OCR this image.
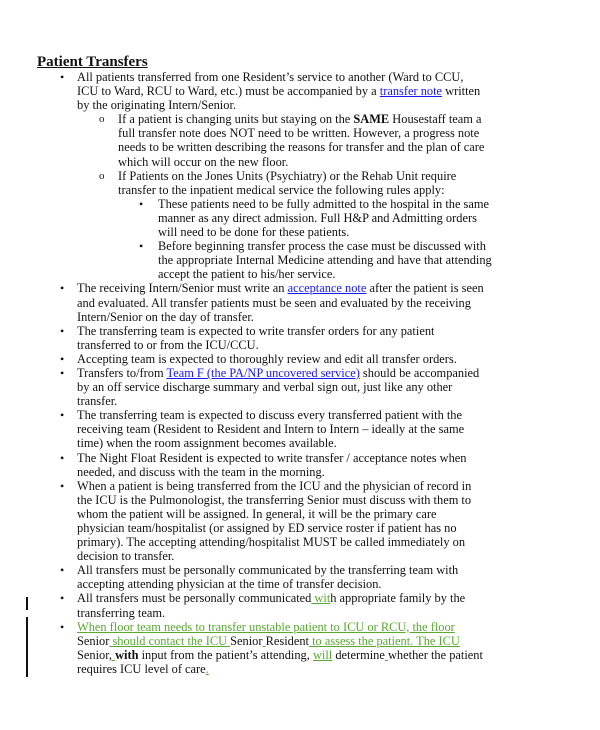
Patient Transfers
• All patients transferred from one Resident’s service to another (Ward to CCU,
ICU to Ward, RCU to Ward, etc.) must be accompanied by a transfer note written
by the originating Intern/Senior.
o If a patient is changing units but staying on the SAME Housestaff team a
full transfer note does NOT need to be written. However, a progress note
needs to be written describing the reasons for transfer and the plan of care
which will occur on the new floor.
o If Patients on the Jones Units (Psychiatry) or the Rehab Unit require
transfer to the inpatient medical service the following rules apply:
• These patients need to be fully admitted to the hospital in the same
manner as any direct admission. Full H&P and Admitting orders
will need to be done for these patients.
• Before beginning transfer process the case must be discussed with
the appropriate Internal Medicine attending and have that attending
accept the patient to his/her service.
• The receiving Intern/Senior must write an acceptance note after the patient is seen
and evaluated. All transfer patients must be seen and evaluated by the receiving
Intern/Senior on the day of transfer.
• The transferring team is expected to write transfer orders for any patient
transferred to or from the ICU/CCU.
• Accepting team is expected to thoroughly review and edit all transfer orders.
• Transfers to/from Team F (the PA/NP uncovered service) should be accompanied
by an off service discharge summary and verbal sign out, just like any other
transfer.
• The transferring team is expected to discuss every transferred patient with the
receiving team (Resident to Resident and Intern to Intern – ideally at the same
time) when the room assignment becomes available.
• The Night Float Resident is expected to write transfer / acceptance notes when
needed, and discuss with the team in the morning.
• When a patient is being transferred from the ICU and the physician of record in
the ICU is the Pulmonologist, the transferring Senior must discuss with them to
whom the patient will be assigned. In general, it will be the primary care
physician team/hospitalist (or assigned by ED service roster if patient has no
primary). The accepting attending/hospitalist MUST be called immediately on
decision to transfer.
• All transfers must be personally communicated by the transferring team with
accepting attending physician at the time of transfer decision.
• All transfers must be personally communicated with appropriate family by the
transferring team.
• When floor team needs to transfer unstable patient to ICU or RCU, the floor
Senior should contact the ICU Senior Resident to assess the patient. The ICU
Senior, with input from the patient’s attending, will determine whether the patient
requires ICU level of care.
